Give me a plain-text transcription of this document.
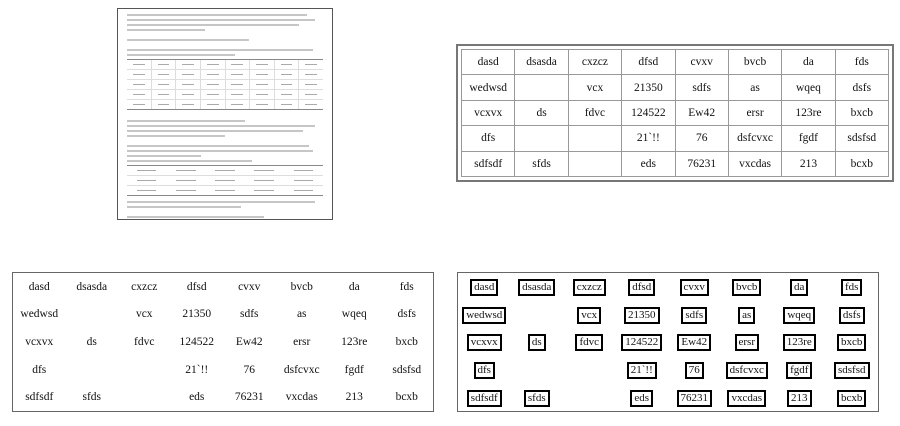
dasd	dsasda	cxzcz	dfsd	cvxv	bvcb	da	fds
wedwsd		vcx	21350	sdfs	as	wqeq	dsfs
vcxvx	ds	fdvc	124522	Ew42	ersr	123re	bxcb
dfs			21`!!	76	dsfcvxc	fgdf	sdsfsd
sdfsdf	sfds		eds	76231	vxcdas	213	bcxb
dasd	dsasda	cxzcz	dfsd	cvxv	bvcb	da	fds
wedwsd		vcx	21350	sdfs	as	wqeq	dsfs
vcxvx	ds	fdvc	124522	Ew42	ersr	123re	bxcb
dfs			21`!!	76	dsfcvxc	fgdf	sdsfsd
sdfsdf	sfds		eds	76231	vxcdas	213	bcxb
dasd	dsasda	cxzcz	dfsd	cvxv	bvcb	da	fds
wedwsd		vcx	21350	sdfs	as	wqeq	dsfs
vcxvx	ds	fdvc	124522	Ew42	ersr	123re	bxcb
dfs			21`!!	76	dsfcvxc	fgdf	sdsfsd
sdfsdf	sfds		eds	76231	vxcdas	213	bcxb
